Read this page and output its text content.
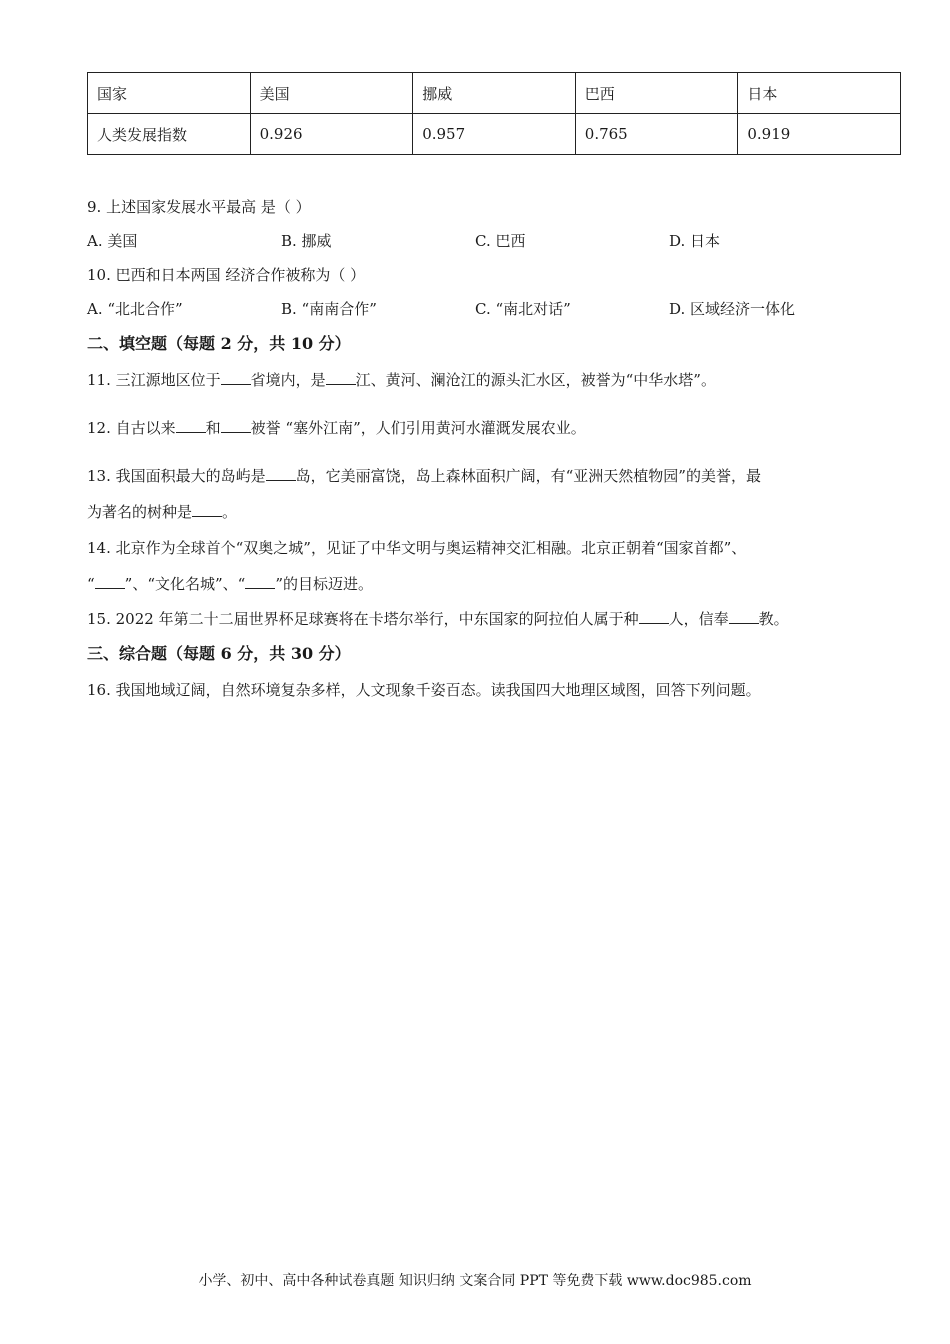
国家	美国	挪威	巴西	日本
人类发展指数	0.926	0.957	0.765	0.919
9. 上述国家发展水平最高 是（ ）
A. 美国	B. 挪威	C. 巴西	D. 日本
10. 巴西和日本两国 经济合作被称为（ ）
A. “北北合作”	B. “南南合作”	C. “南北对话”	D. 区域经济一体化
二、填空题（每题 2 分，共 10 分）
11. 三江源地区位于 省境内，是 江、黄河、澜沧江的源头汇水区，被誉为“中华水塔”。
12. 自古以来 和 被誉 “塞外江南”，人们引用黄河水灌溉发展农业。
13. 我国面积最大的岛屿是 岛，它美丽富饶，岛上森林面积广阔，有“亚洲天然植物园”的美誉，最
为著名的树种是 。
14. 北京作为全球首个“双奥之城”，见证了中华文明与奥运精神交汇相融。北京正朝着“国家首都”、
“ ”、“文化名城”、“ ”的目标迈进。
15. 2022 年第二十二届世界杯足球赛将在卡塔尔举行，中东国家的阿拉伯人属于种 人，信奉 教。
三、综合题（每题 6 分，共 30 分）
16. 我国地域辽阔，自然环境复杂多样，人文现象千姿百态。读我国四大地理区域图，回答下列问题。
小学、初中、高中各种试卷真题 知识归纳 文案合同 PPT 等免费下载 www.doc985.com
